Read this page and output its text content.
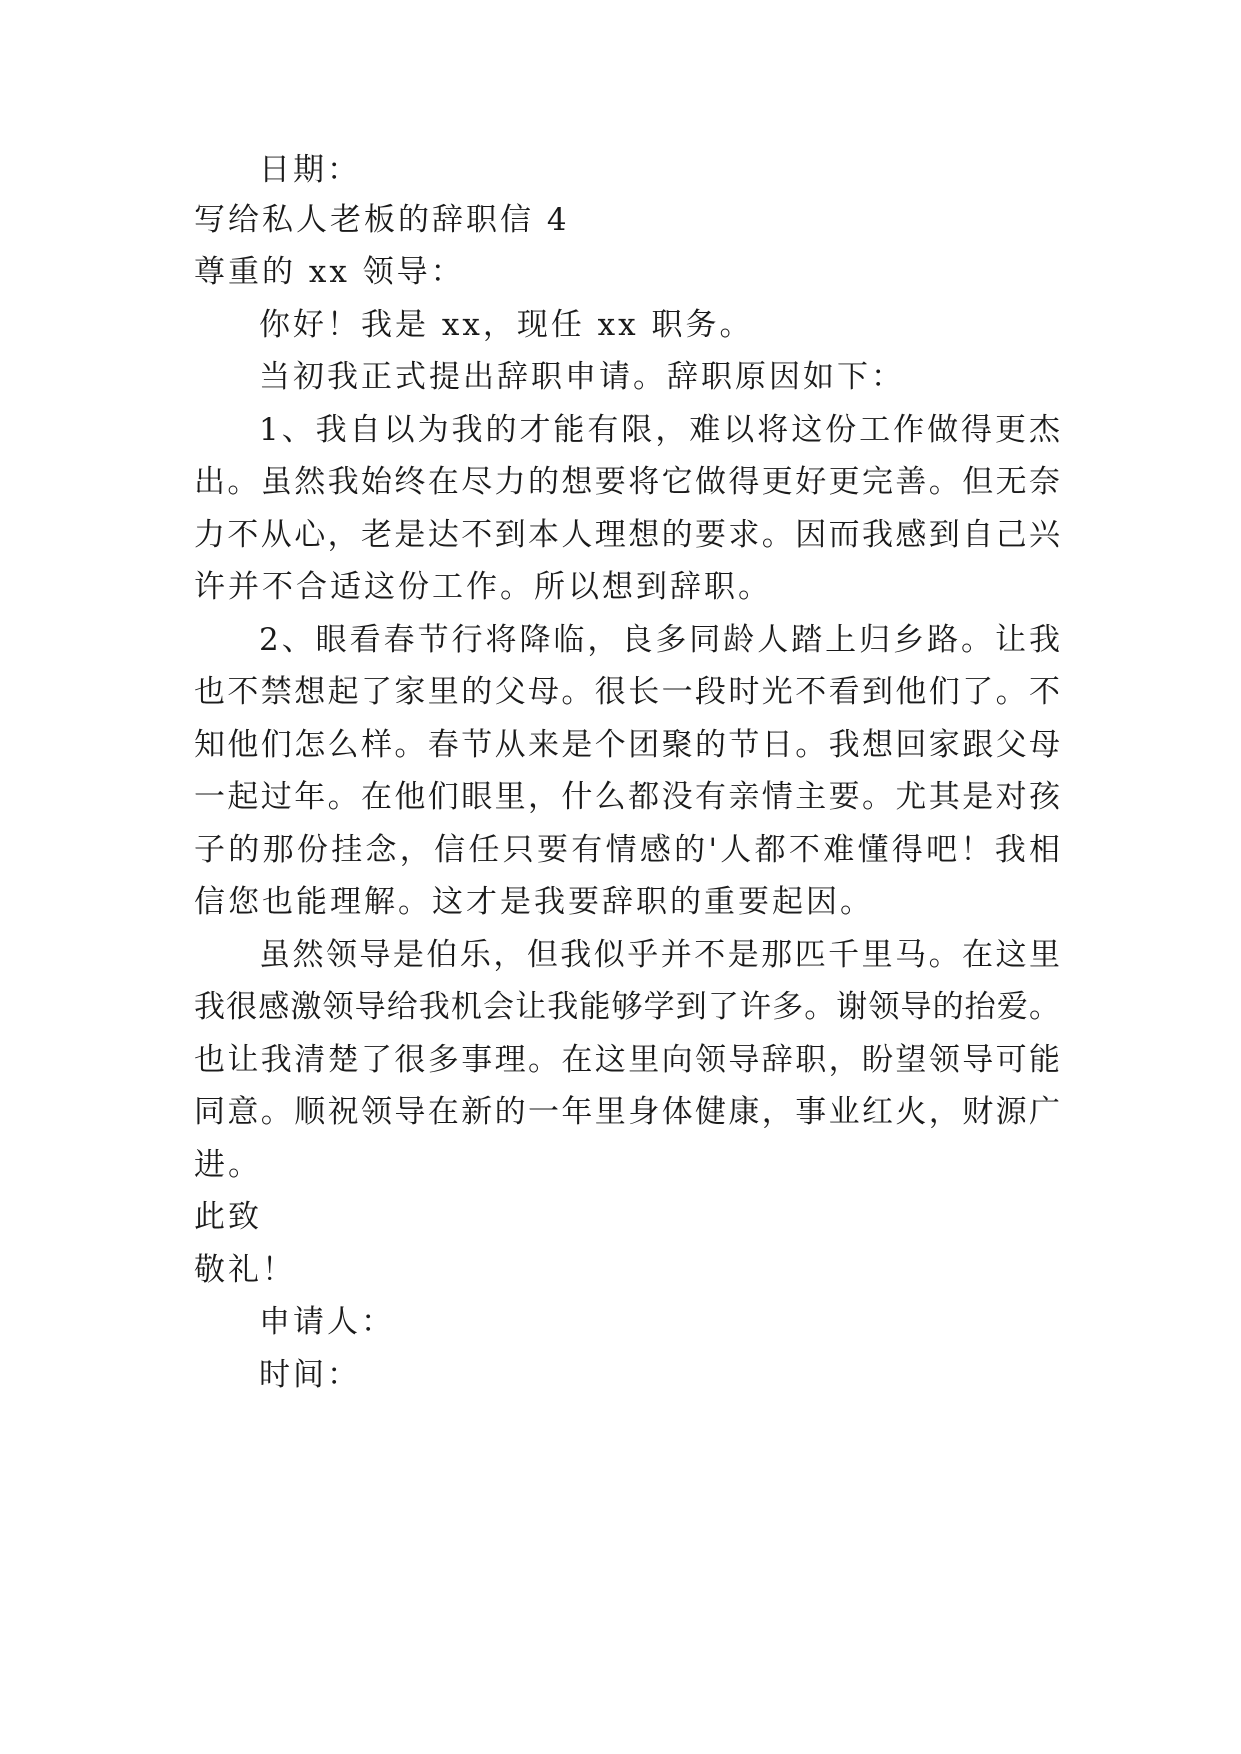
日期：
写给私人老板的辞职信 4
尊重的 xx 领导：
你好！我是 xx，现任 xx 职务。
当初我正式提出辞职申请。辞职原因如下：
1、我自以为我的才能有限，难以将这份工作做得更杰
出。虽然我始终在尽力的想要将它做得更好更完善。但无奈
力不从心，老是达不到本人理想的要求。因而我感到自己兴
许并不合适这份工作。所以想到辞职。
2、眼看春节行将降临，良多同龄人踏上归乡路。让我
也不禁想起了家里的父母。很长一段时光不看到他们了。不
知他们怎么样。春节从来是个团聚的节日。我想回家跟父母
一起过年。在他们眼里，什么都没有亲情主要。尤其是对孩
子的那份挂念，信任只要有情感的'人都不难懂得吧！我相
信您也能理解。这才是我要辞职的重要起因。
虽然领导是伯乐，但我似乎并不是那匹千里马。在这里
我很感激领导给我机会让我能够学到了许多。谢领导的抬爱。
也让我清楚了很多事理。在这里向领导辞职，盼望领导可能
同意。顺祝领导在新的一年里身体健康，事业红火，财源广
进。
此致
敬礼！
申请人：
时间：
